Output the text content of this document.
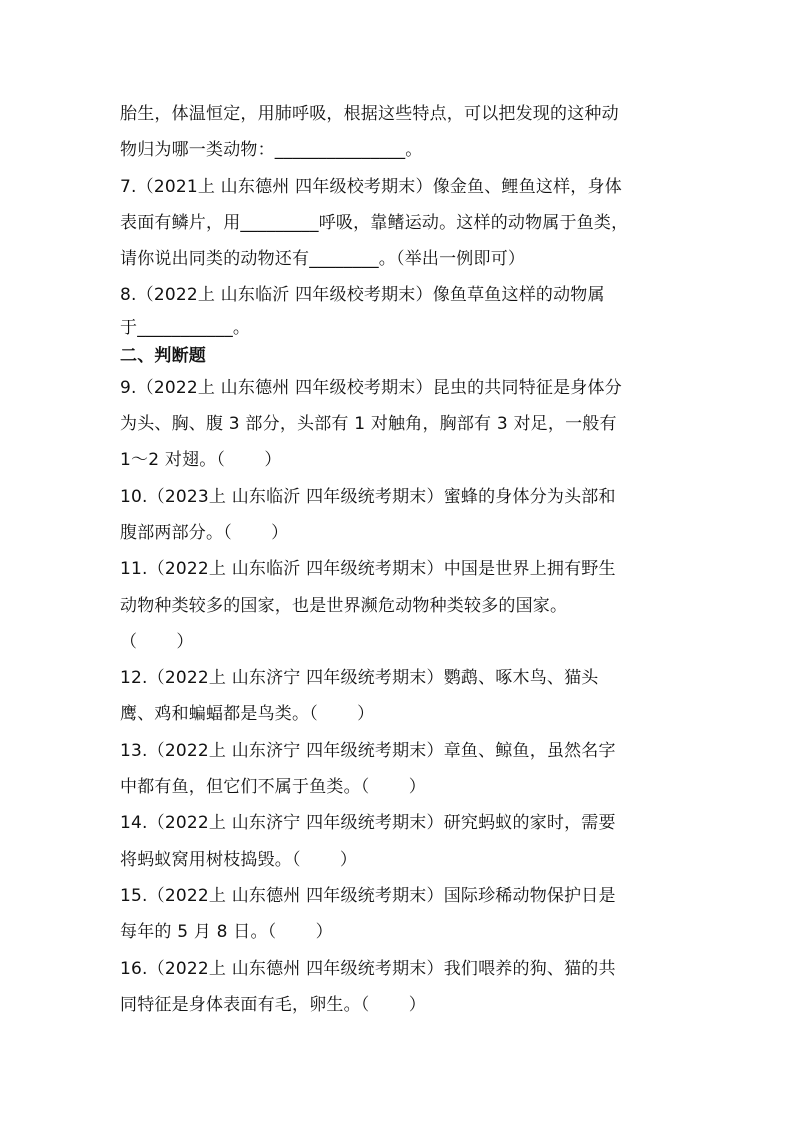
胎生，体温恒定，用肺呼吸，根据这些特点，可以把发现的这种动
物归为哪一类动物：_______________。
7.（2021上 山东德州 四年级校考期末）像金鱼、鲤鱼这样，身体
表面有鳞片，用_________呼吸，靠鳍运动。这样的动物属于鱼类，
请你说出同类的动物还有________。（举出一例即可）
8.（2022上 山东临沂 四年级校考期末）像鱼草鱼这样的动物属
于___________。
二、判断题
9.（2022上 山东德州 四年级校考期末）昆虫的共同特征是身体分
为头、胸、腹 3 部分，头部有 1 对触角，胸部有 3 对足，一般有
1～2 对翅。（       ）
10.（2023上 山东临沂 四年级统考期末）蜜蜂的身体分为头部和
腹部两部分。（       ）
11.（2022上 山东临沂 四年级统考期末）中国是世界上拥有野生
动物种类较多的国家，也是世界濒危动物种类较多的国家。
（       ）
12.（2022上 山东济宁 四年级统考期末）鹦鹉、啄木鸟、猫头
鹰、鸡和蝙蝠都是鸟类。（       ）
13.（2022上 山东济宁 四年级统考期末）章鱼、鲸鱼，虽然名字
中都有鱼，但它们不属于鱼类。（       ）
14.（2022上 山东济宁 四年级统考期末）研究蚂蚁的家时，需要
将蚂蚁窝用树枝捣毁。（       ）
15.（2022上 山东德州 四年级统考期末）国际珍稀动物保护日是
每年的 5 月 8 日。（       ）
16.（2022上 山东德州 四年级统考期末）我们喂养的狗、猫的共
同特征是身体表面有毛，卵生。（       ）
